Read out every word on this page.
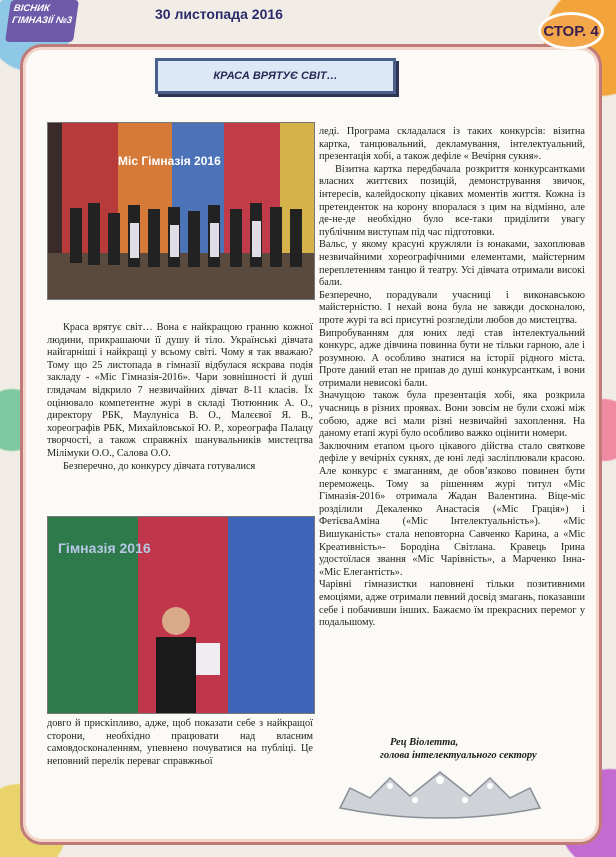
ВІСНИК
ГІМНАЗІЇ №3	30 листопада 2016
СТОР. 4
КРАСА ВРЯТУЄ СВІТ…
Міс Гімназія 2016

Краса врятує світ… Вона є найкращою гранню кожної людини, прикрашаючи її душу й тіло. Українські дівчата найгарніші і найкращі у всьому світі. Чому я так вважаю? Тому що 25 листопада в гімназії відбулася яскрава подія закладу - «Міс Гімназія-2016». Чари зовнішності й душі глядачам відкрило 7 незвичайних дівчат 8-11 класів. Їх оцінювало компетентне журі в складі Тютюнник А. О., директору РБК, Маулуніса В. О., Малєєвої Я. В., хореографів РБК, Михайловської Ю. Р., хореографа Палацу творчості, а також справжніх шанувальників мистецтва Мілімуки О.О., Салова О.О.

Безперечно, до конкурсу дівчата готувалися

Гімназія 2016
довго й прискіпливо, адже, щоб показати себе з найкращої сторони, необхідно працювати над власним самовдосконаленням, упевнено почуватися на публіці. Це неповний перелік переваг справжньої

леді. Програма складалася із таких конкурсів: візитна картка, танцювальний, декламування, інтелектуальний, презентація хобі, а також дефіле « Вечірня сукня».

Візитна картка передбачала розкриття конкурсантками власних життєвих позицій, демонстрування звичок, інтересів, калейдоскопу цікавих моментів життя. Кожна із претенденток на корону впоралася з цим на відмінно, але де-не-де необхідно було все-таки приділити увагу публічним виступам під час підготовки.

Вальс, у якому красуні кружляли із юнаками, захоплював незвичайними хореографічними елементами, майстерним переплетенням танцю й театру. Усі дівчата отримали високі бали.

Безперечно, порадували учасниці і виконавською майстерністю. І нехай вона була не завжди досконалою, проте журі та всі присутні розгледіли любов до мистецтва.

Випробуванням для юних леді став інтелектуальний конкурс, адже дівчина повинна бути не тільки гарною, але і розумною. А особливо знатися на історії рідного міста. Проте даний етап не припав до душі конкурсанткам, і вони отримали невисокі бали.

Значущою також була презентація хобі, яка розкрила учасниць в різних проявах. Вони зовсім не були схожі між собою, адже всі мали різні незвичайні захоплення. На даному етапі журі було особливо важко оцінити номери.

Заключним етапом цього цікавого дійства стало святкове дефіле у вечірніх сукнях, де юні леді засліплювали красою. Але конкурс є змаганням, де обов’язково повинен бути переможець. Тому за рішенням журі титул «Міс Гімназія-2016» отримала Жадан Валентина. Віце-міс розділили Декаленко Анастасія («Міс Грація») і ФетієваАміна («Міс Інтелектуальність»). «Міс Вишуканість» стала неповторна Савченко Карина, а «Міс Креативність»- Бородіна Світлана. Кравець Ірина удостоїлася звання «Міс Чарівність», а Марченко Інна- «Міс Елегантість».

Чарівні гімназистки наповнені тільки позитивними емоціями, адже отримали певний досвід змагань, показавши себе і побачивши інших. Бажаємо їм прекрасних перемог у подальшому.

Рец Віолетта,
голова інтелектуального сектору
